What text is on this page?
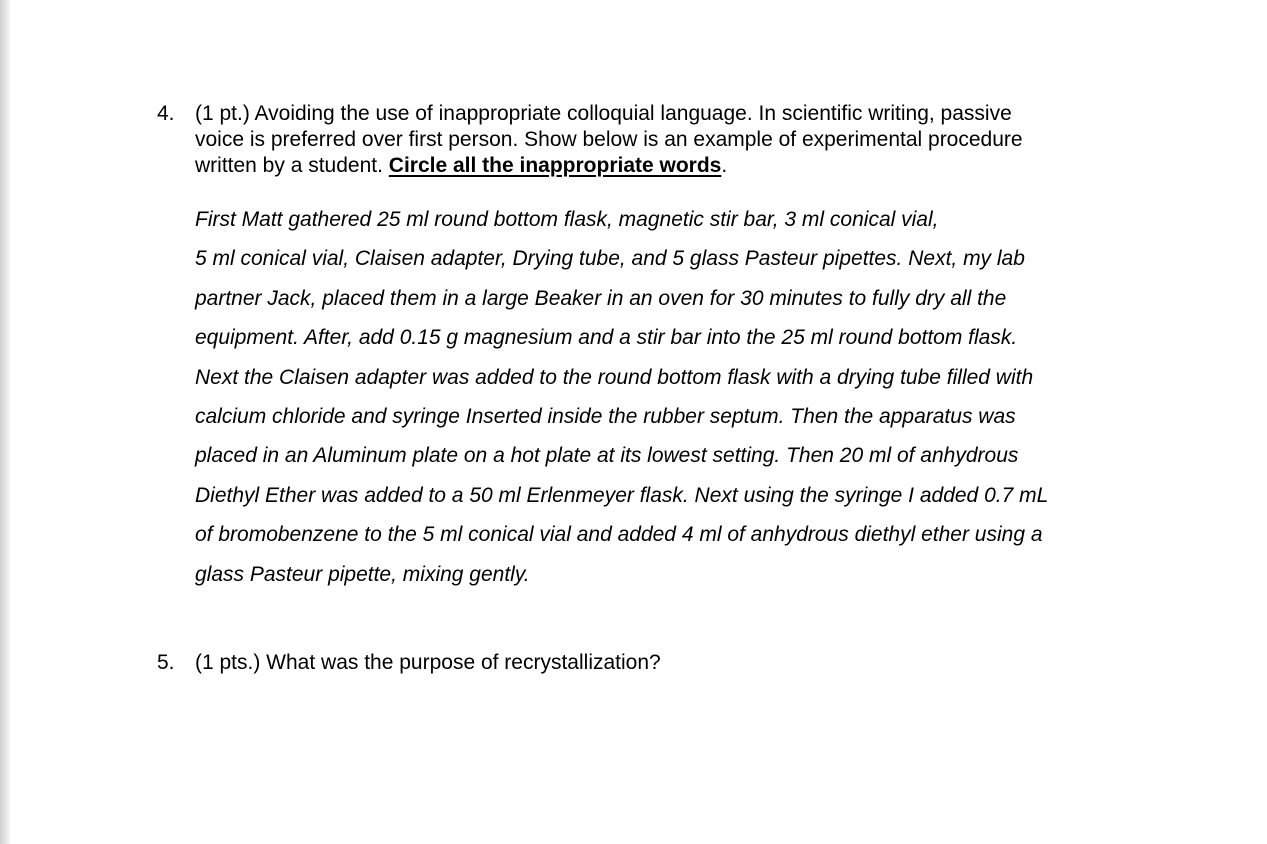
4. (1 pt.) Avoiding the use of inappropriate colloquial language. In scientific writing, passive
voice is preferred over first person. Show below is an example of experimental procedure
written by a student. Circle all the inappropriate words.
First Matt gathered 25 ml round bottom flask, magnetic stir bar, 3 ml conical vial,
5 ml conical vial, Claisen adapter, Drying tube, and 5 glass Pasteur pipettes. Next, my lab
partner Jack, placed them in a large Beaker in an oven for 30 minutes to fully dry all the
equipment. After, add 0.15 g magnesium and a stir bar into the 25 ml round bottom flask.
Next the Claisen adapter was added to the round bottom flask with a drying tube filled with
calcium chloride and syringe Inserted inside the rubber septum. Then the apparatus was
placed in an Aluminum plate on a hot plate at its lowest setting. Then 20 ml of anhydrous
Diethyl Ether was added to a 50 ml Erlenmeyer flask. Next using the syringe I added 0.7 mL
of bromobenzene to the 5 ml conical vial and added 4 ml of anhydrous diethyl ether using a
glass Pasteur pipette, mixing gently.
5. (1 pts.) What was the purpose of recrystallization?
